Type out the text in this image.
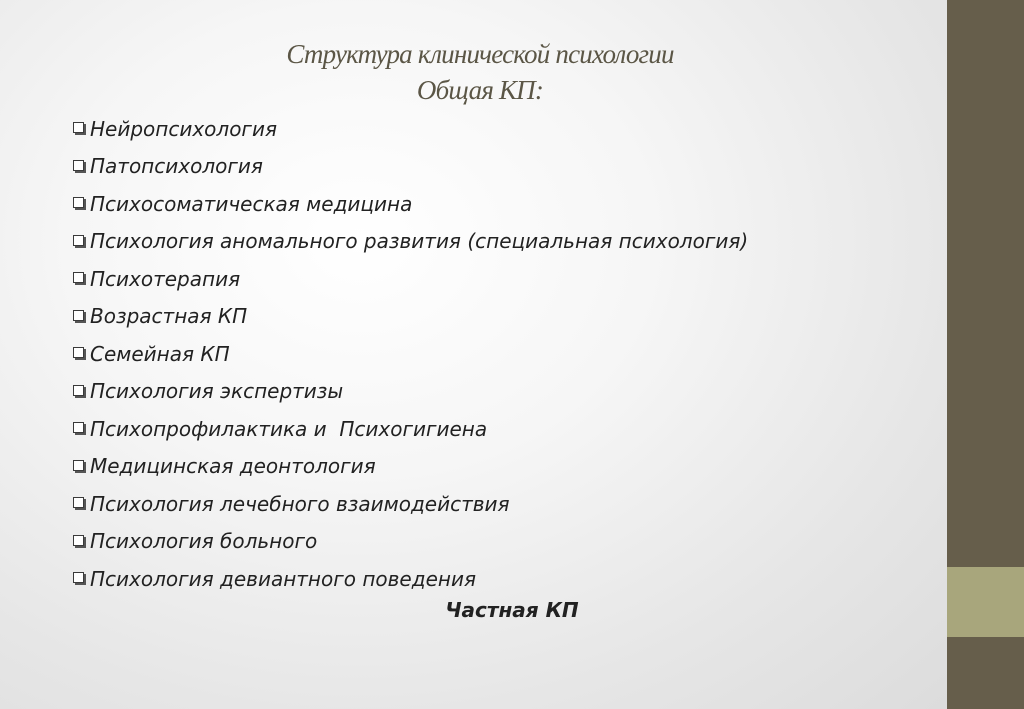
Структура клинической психологии
Общая КП:
Нейропсихология
Патопсихология
Психосоматическая медицина
Психология аномального развития (специальная психология)
Психотерапия
Возрастная КП
Семейная КП
Психология экспертизы
Психопрофилактика и  Психогигиена
Медицинская деонтология
Психология лечебного взаимодействия
Психология больного
Психология девиантного поведения
Частная КП
